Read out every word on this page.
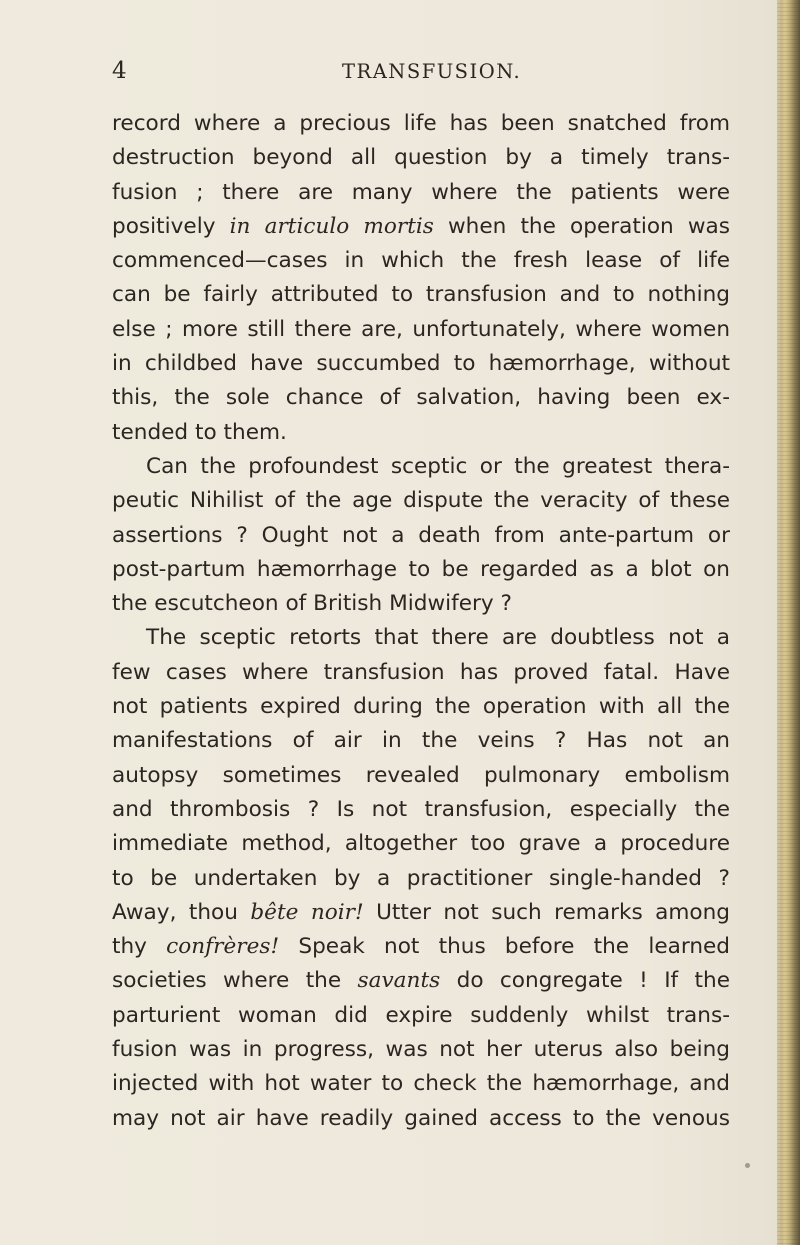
4	TRANSFUSION.
record where a precious life has been snatched from
destruction beyond all question by a timely trans-
fusion ; there are many where the patients were
positively in articulo mortis when the operation was
commenced—cases in which the fresh lease of life
can be fairly attributed to transfusion and to nothing
else ; more still there are, unfortunately, where women
in childbed have succumbed to hæmorrhage, without
this, the sole chance of salvation, having been ex-
tended to them.
Can the profoundest sceptic or the greatest thera-
peutic Nihilist of the age dispute the veracity of these
assertions ? Ought not a death from ante-partum or
post-partum hæmorrhage to be regarded as a blot on
the escutcheon of British Midwifery ?
The sceptic retorts that there are doubtless not a
few cases where transfusion has proved fatal. Have
not patients expired during the operation with all the
manifestations of air in the veins ? Has not an
autopsy sometimes revealed pulmonary embolism
and thrombosis ? Is not transfusion, especially the
immediate method, altogether too grave a procedure
to be undertaken by a practitioner single-handed ?
Away, thou bête noir! Utter not such remarks among
thy confrères! Speak not thus before the learned
societies where the savants do congregate ! If the
parturient woman did expire suddenly whilst trans-
fusion was in progress, was not her uterus also being
injected with hot water to check the hæmorrhage, and
may not air have readily gained access to the venous
